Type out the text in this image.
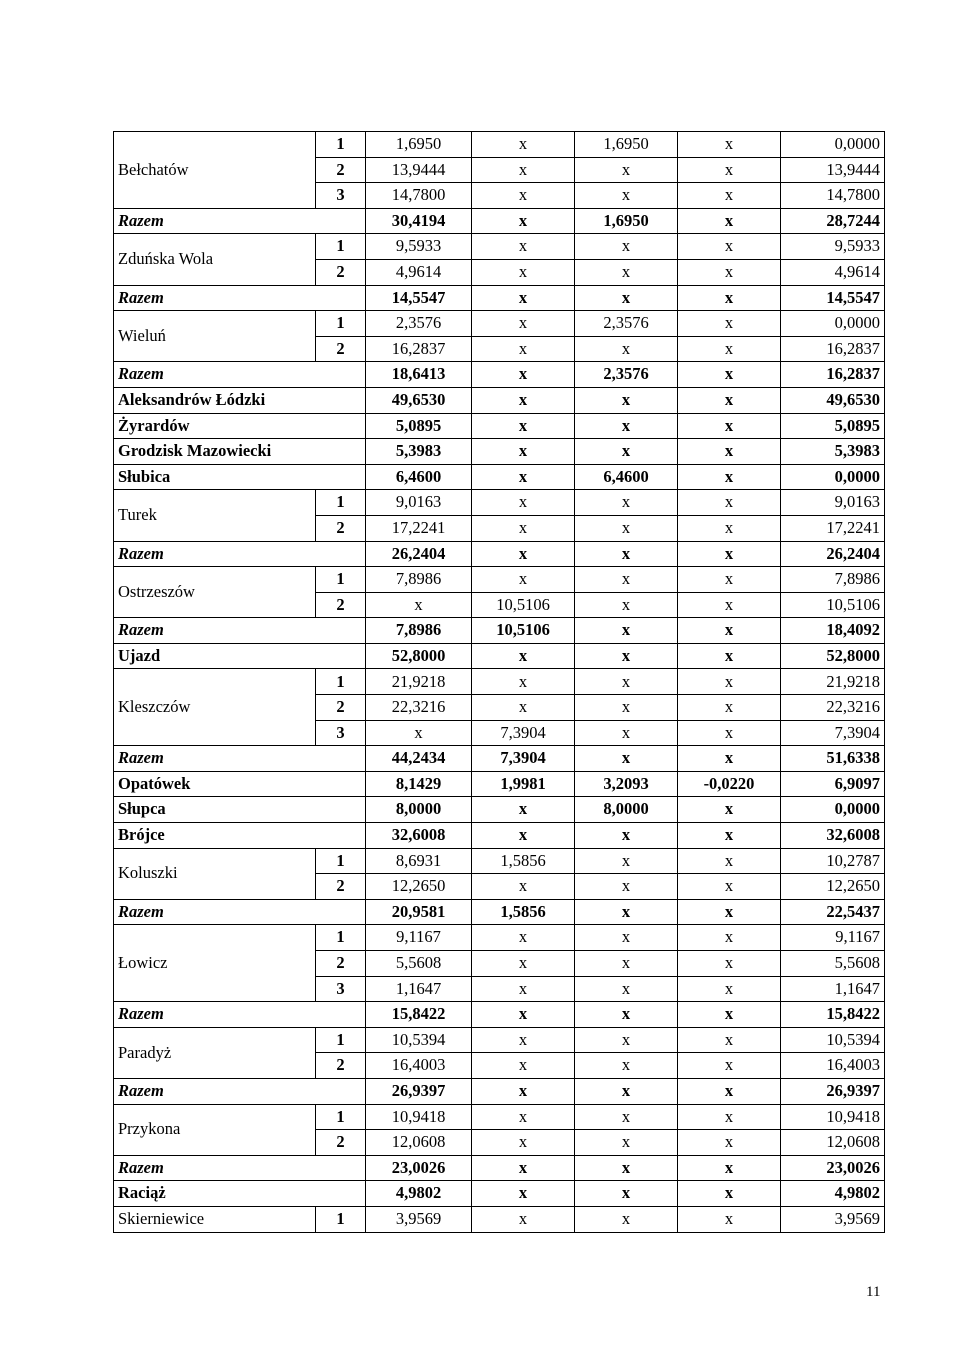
Bełchatów	1	1,6950	x	1,6950	x	0,0000
	2	13,9444	x	x	x	13,9444
	3	14,7800	x	x	x	14,7800
Razem		30,4194	x	1,6950	x	28,7244
Zduńska Wola	1	9,5933	x	x	x	9,5933
	2	4,9614	x	x	x	4,9614
Razem		14,5547	x	x	x	14,5547
Wieluń	1	2,3576	x	2,3576	x	0,0000
	2	16,2837	x	x	x	16,2837
Razem		18,6413	x	2,3576	x	16,2837
Aleksandrów Łódzki		49,6530	x	x	x	49,6530
Żyrardów		5,0895	x	x	x	5,0895
Grodzisk Mazowiecki		5,3983	x	x	x	5,3983
Słubica		6,4600	x	6,4600	x	0,0000
Turek	1	9,0163	x	x	x	9,0163
	2	17,2241	x	x	x	17,2241
Razem		26,2404	x	x	x	26,2404
Ostrzeszów	1	7,8986	x	x	x	7,8986
	2	x	10,5106	x	x	10,5106
Razem		7,8986	10,5106	x	x	18,4092
Ujazd		52,8000	x	x	x	52,8000
Kleszczów	1	21,9218	x	x	x	21,9218
	2	22,3216	x	x	x	22,3216
	3	x	7,3904	x	x	7,3904
Razem		44,2434	7,3904	x	x	51,6338
Opatówek		8,1429	1,9981	3,2093	-0,0220	6,9097
Słupca		8,0000	x	8,0000	x	0,0000
Brójce		32,6008	x	x	x	32,6008
Koluszki	1	8,6931	1,5856	x	x	10,2787
	2	12,2650	x	x	x	12,2650
Razem		20,9581	1,5856	x	x	22,5437
Łowicz	1	9,1167	x	x	x	9,1167
	2	5,5608	x	x	x	5,5608
	3	1,1647	x	x	x	1,1647
Razem		15,8422	x	x	x	15,8422
Paradyż	1	10,5394	x	x	x	10,5394
	2	16,4003	x	x	x	16,4003
Razem		26,9397	x	x	x	26,9397
Przykona	1	10,9418	x	x	x	10,9418
	2	12,0608	x	x	x	12,0608
Razem		23,0026	x	x	x	23,0026
Raciąż		4,9802	x	x	x	4,9802
Skierniewice	1	3,9569	x	x	x	3,9569
11
